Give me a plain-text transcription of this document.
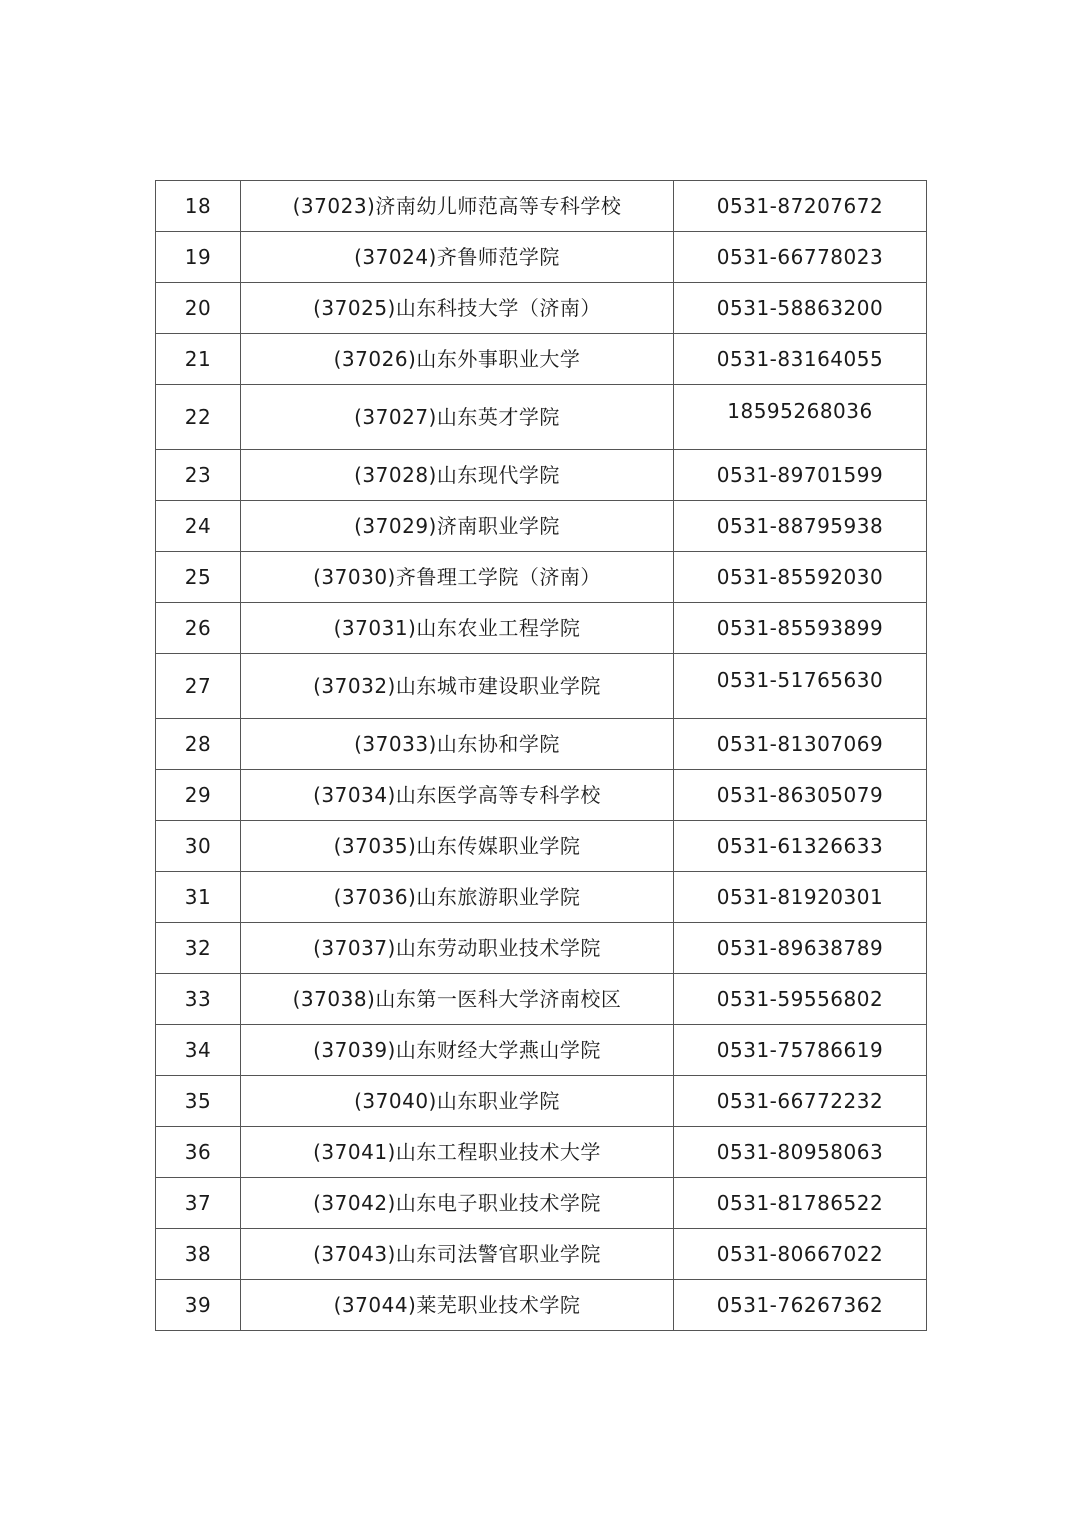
18	(37023)济南幼儿师范高等专科学校	0531-87207672
19	(37024)齐鲁师范学院	0531-66778023
20	(37025)山东科技大学（济南）	0531-58863200
21	(37026)山东外事职业大学	0531-83164055
22	(37027)山东英才学院	18595268036
23	(37028)山东现代学院	0531-89701599
24	(37029)济南职业学院	0531-88795938
25	(37030)齐鲁理工学院（济南）	0531-85592030
26	(37031)山东农业工程学院	0531-85593899
27	(37032)山东城市建设职业学院	0531-51765630
28	(37033)山东协和学院	0531-81307069
29	(37034)山东医学高等专科学校	0531-86305079
30	(37035)山东传媒职业学院	0531-61326633
31	(37036)山东旅游职业学院	0531-81920301
32	(37037)山东劳动职业技术学院	0531-89638789
33	(37038)山东第一医科大学济南校区	0531-59556802
34	(37039)山东财经大学燕山学院	0531-75786619
35	(37040)山东职业学院	0531-66772232
36	(37041)山东工程职业技术大学	0531-80958063
37	(37042)山东电子职业技术学院	0531-81786522
38	(37043)山东司法警官职业学院	0531-80667022
39	(37044)莱芜职业技术学院	0531-76267362
